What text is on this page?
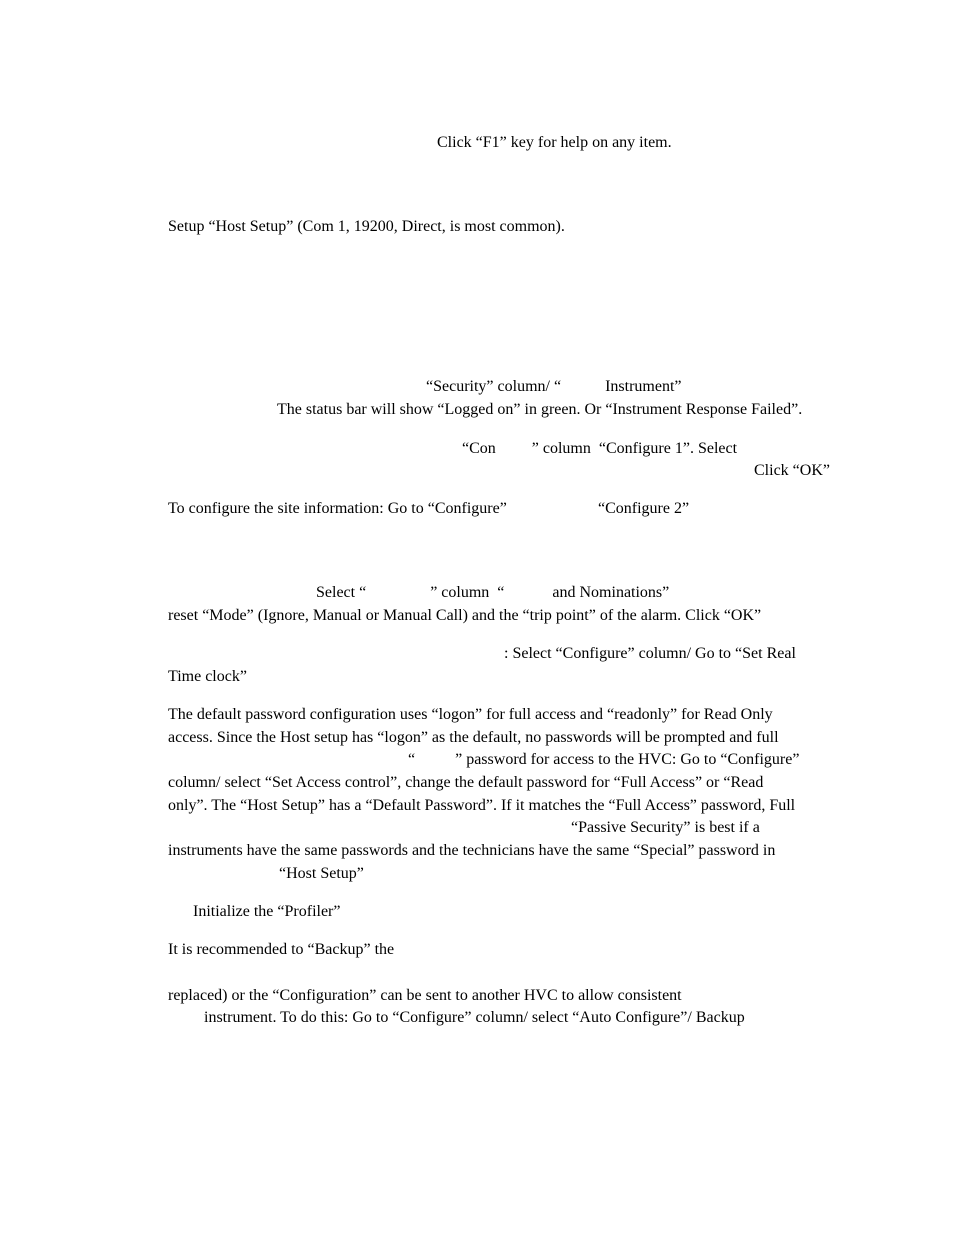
Click “F1” key for help on any item.
Setup “Host Setup” (Com 1, 19200, Direct, is most common).
“Security” column/ “           Instrument”
The status bar will show “Logged on” in green. Or “Instrument Response Failed”.
“Con         ” column  “Configure 1”. Select
Click “OK”
To configure the site information: Go to “Configure”	“Configure 2”
Select “                ” column  “            and Nominations”
reset “Mode” (Ignore, Manual or Manual Call) and the “trip point” of the alarm. Click “OK”
: Select “Configure” column/ Go to “Set Real
Time clock”
The default password configuration uses “logon” for full access and “readonly” for Read Only
access. Since the Host setup has “logon” as the default, no passwords will be prompted and full
“          ” password for access to the HVC: Go to “Configure”
column/ select “Set Access control”, change the default password for “Full Access” or “Read
only”. The “Host Setup” has a “Default Password”. If it matches the “Full Access” password, Full
“Passive Security” is best if a
instruments have the same passwords and the technicians have the same “Special” password in
“Host Setup”
Initialize the “Profiler”
It is recommended to “Backup” the
replaced) or the “Configuration” can be sent to another HVC to allow consistent
instrument. To do this: Go to “Configure” column/ select “Auto Configure”/ Backup
